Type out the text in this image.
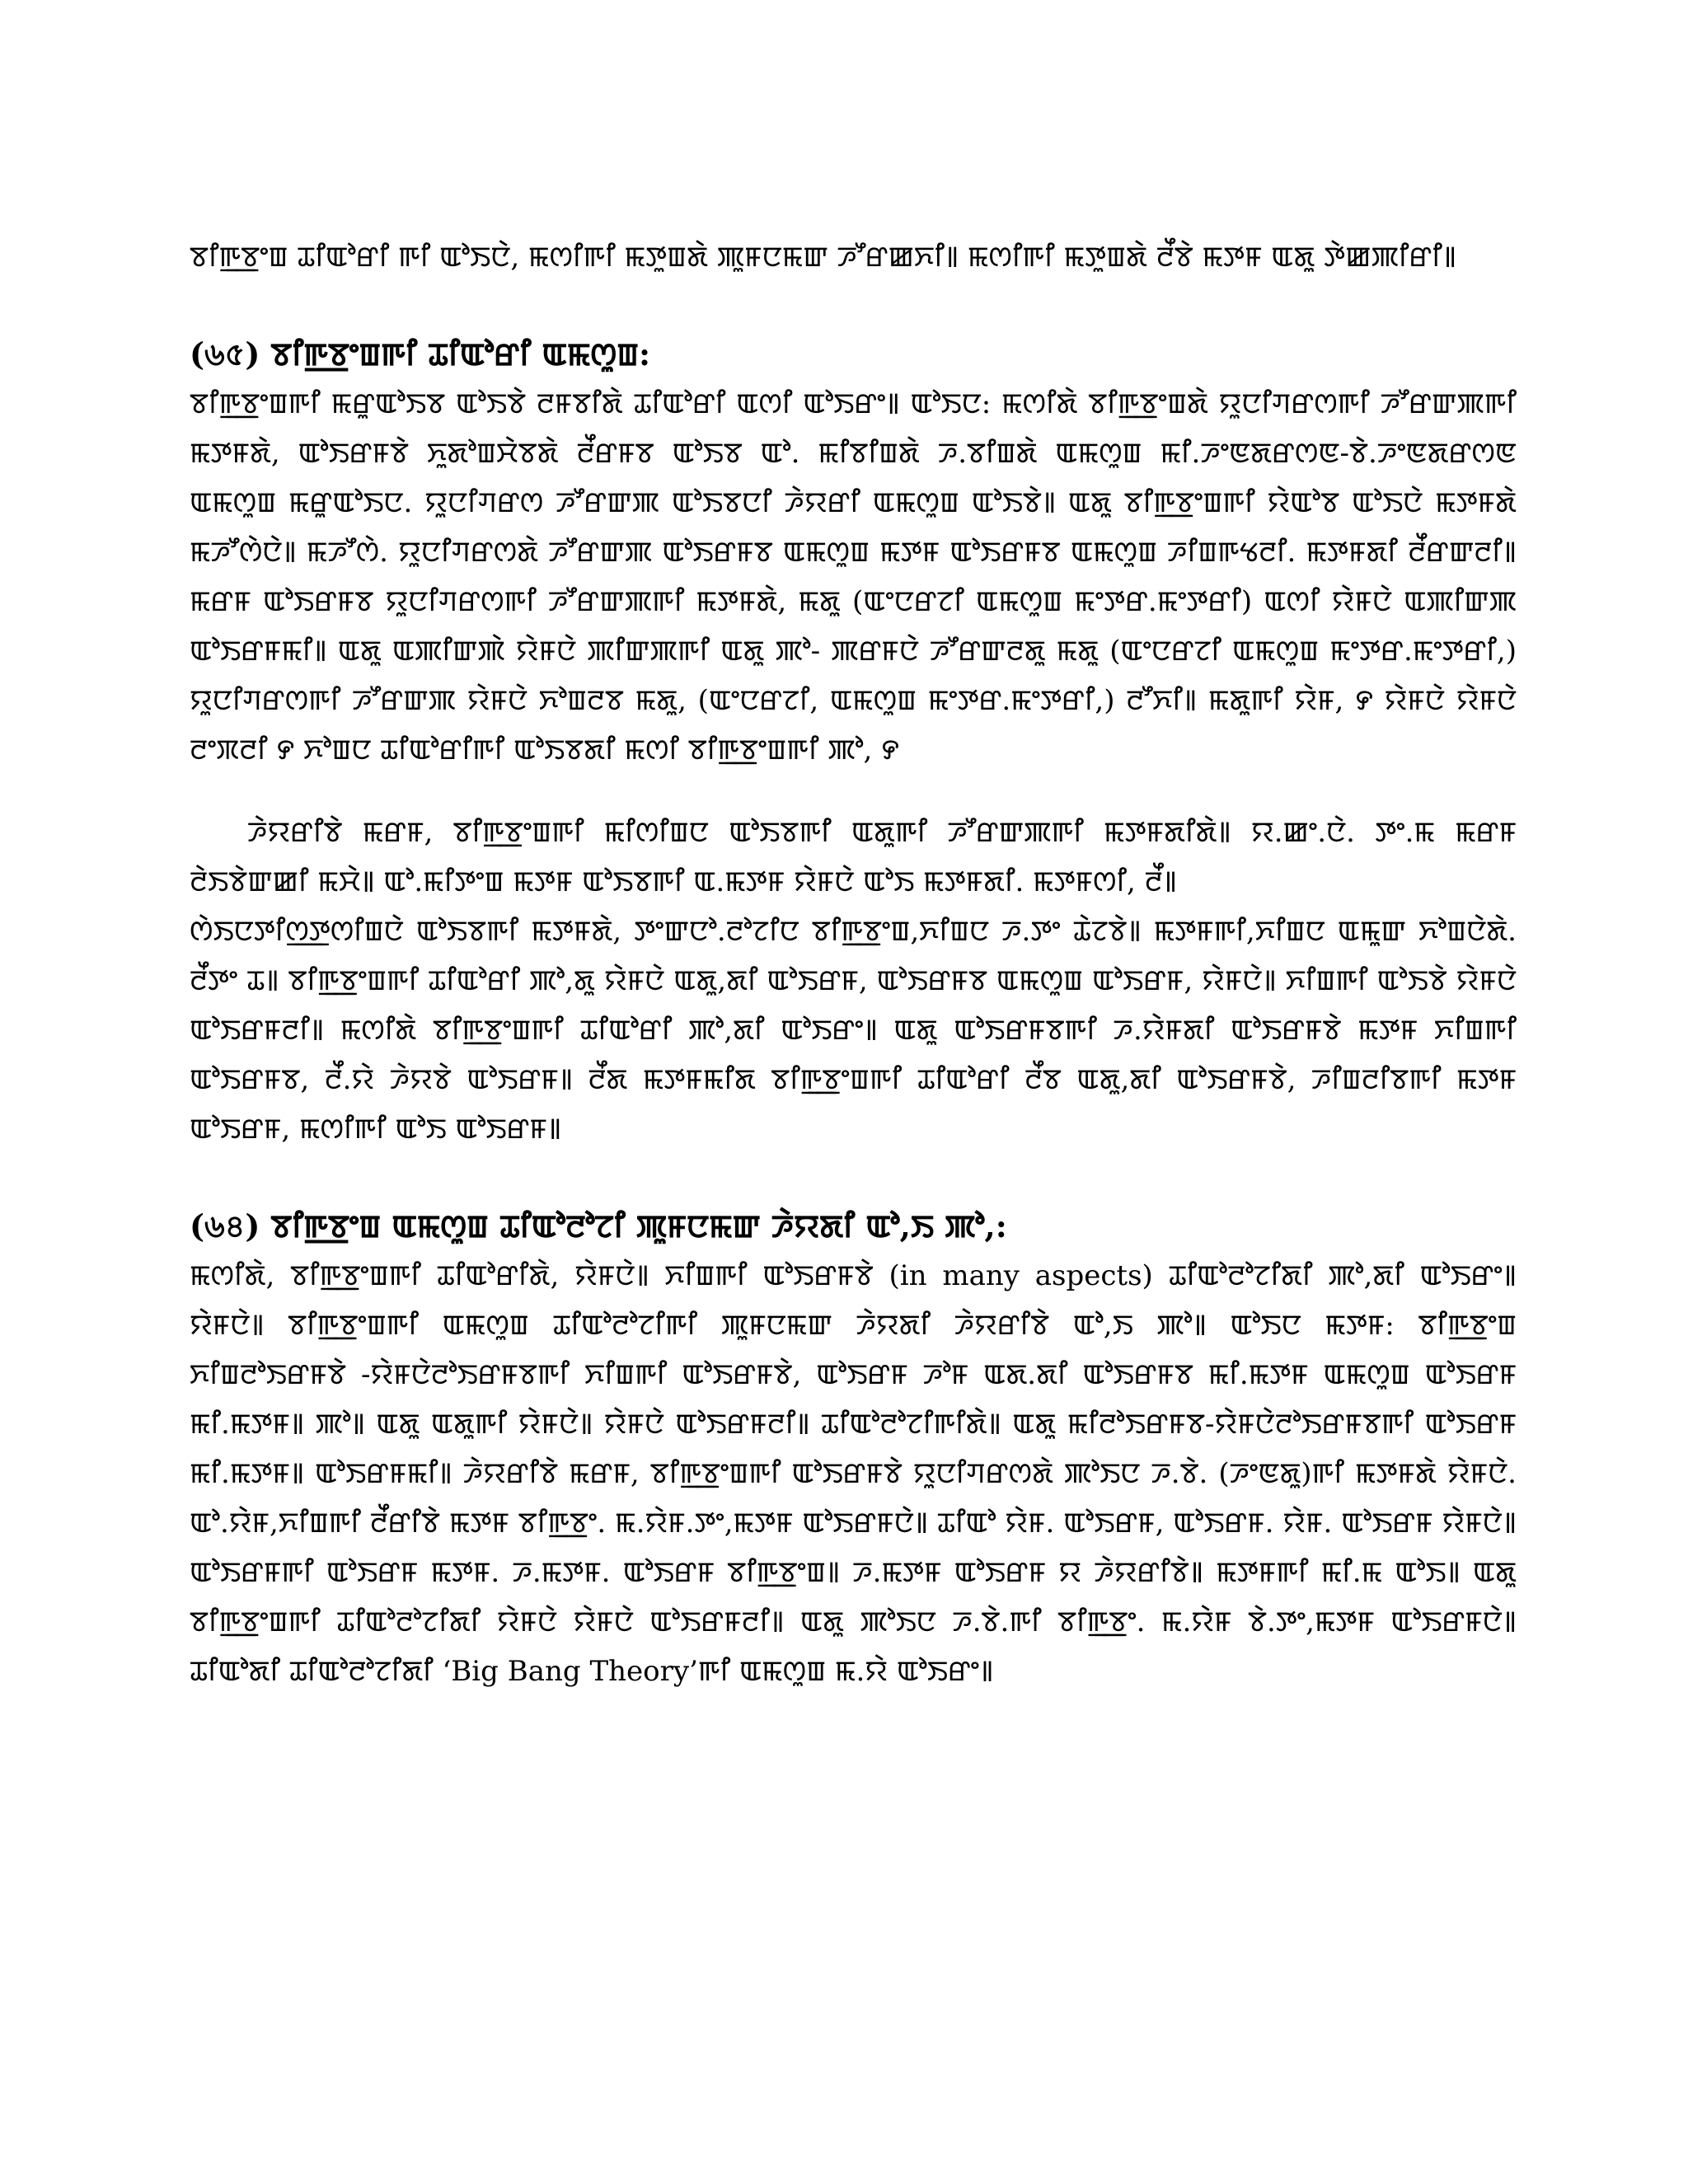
ꯕꯤꯒ꯭ꯕꯦꯡ ꯊꯤꯑꯣꯔꯤ ꯒꯤ ꯑꯣꯏꯅꯥ, ꯃꯁꯤꯒꯤ ꯃꯇꯨꯡꯗꯥ ꯄꯨꯝꯅꯃꯛ ꯍꯧꯔꯀꯈꯤ꯫ ꯃꯁꯤꯒꯤ ꯃꯇꯨꯡꯗꯥ ꯂꯩꯕꯥ ꯃꯇꯝ ꯑꯗꯨ ꯇꯥꯀꯄꯤꯔꯤ꯫

(৬৫) ꯕꯤꯒ꯭ꯕꯦꯡꯒꯤ ꯊꯤꯑꯣꯔꯤ ꯑꯃꯁꯨꯡ:

ꯕꯤꯒ꯭ꯕꯦꯡꯒꯤ ꯃꯔꯨꯑꯣꯏꯕ ꯑꯣꯏꯕꯥ ꯂꯝꯕꯤꯗꯥ ꯊꯤꯑꯣꯔꯤ ꯑꯁꯤ ꯑꯣꯏꯔꯦ꯫ ꯑꯣꯏꯅ: ꯃꯁꯤꯗꯥ ꯕꯤꯒ꯭ꯕꯦꯡꯗꯥ ꯌꯨꯅꯤꯚꯔꯁꯒꯤ ꯍꯧꯔꯛꯄꯒꯤ ꯃꯇꯝꯗꯥ, ꯑꯣꯏꯔꯝꯕꯥ ꯈꯨꯗꯣꯡꯆꯥꯕꯗꯥ ꯂꯩꯔꯝꯕ ꯑꯣꯏꯕ ꯑꯣ. ꯃꯤꯕꯤꯡꯗꯥ ꯍ.ꯕꯤꯡꯗꯥ ꯑꯃꯁꯨꯡ ꯃꯤ.ꯍꯦꯟꯗꯔꯁꯟ-ꯕꯥ.ꯍꯦꯟꯗꯔꯁꯟ ꯑꯃꯁꯨꯡ ꯃꯔꯨꯑꯣꯏꯅ. ꯌꯨꯅꯤꯚꯔꯁ ꯍꯧꯔꯛꯄ ꯑꯣꯏꯕꯅꯤ ꯍꯥꯌꯔꯤ ꯑꯃꯁꯨꯡ ꯑꯣꯏꯕꯥ꯫ ꯑꯗꯨ ꯕꯤꯒ꯭ꯕꯦꯡꯒꯤ ꯌꯥꯑꯣꯕ ꯑꯣꯏꯅꯥ ꯃꯇꯝꯗꯥ ꯃꯍꯧꯁꯥꯅꯥ꯫ ꯃꯍꯧꯁꯥ. ꯌꯨꯅꯤꯚꯔꯁꯗꯥ ꯍꯧꯔꯛꯄ ꯑꯣꯏꯔꯝꯕ ꯑꯃꯁꯨꯡ ꯃꯇꯝ ꯑꯣꯏꯔꯝꯕ ꯑꯃꯁꯨꯡ ꯍꯤꯡꯒꯠꯂꯤ. ꯃꯇꯝꯗꯤ ꯂꯩꯔꯛꯂꯤ꯫ ꯃꯔꯝ ꯑꯣꯏꯔꯝꯕ ꯌꯨꯅꯤꯚꯔꯁꯒꯤ ꯍꯧꯔꯛꯄꯒꯤ ꯃꯇꯝꯗꯥ, ꯃꯗꯨ (ꯑꯦꯅꯔꯖꯤ ꯑꯃꯁꯨꯡ ꯃꯦꯇꯔ.ꯃꯦꯇꯔꯤ) ꯑꯁꯤ ꯌꯥꯝꯅꯥ ꯑꯄꯤꯛꯄ ꯑꯣꯏꯔꯝꯃꯤ꯫ ꯑꯗꯨ ꯑꯄꯤꯛꯄꯥ ꯌꯥꯝꯅꯥ ꯄꯤꯛꯄꯒꯤ ꯑꯗꯨ ꯄꯣ- ꯄꯔꯝꯅꯥ ꯍꯧꯔꯛꯂꯗꯨ ꯃꯗꯨ (ꯑꯦꯅꯔꯖꯤ ꯑꯃꯁꯨꯡ ꯃꯦꯇꯔ.ꯃꯦꯇꯔꯤ,) ꯌꯨꯅꯤꯚꯔꯁꯒꯤ ꯍꯧꯔꯛꯄ ꯌꯥꯝꯅꯥ ꯈꯣꯡꯂꯕ ꯃꯗꯨ, (ꯑꯦꯅꯔꯖꯤ, ꯑꯃꯁꯨꯡ ꯃꯦꯇꯔ.ꯃꯦꯇꯔꯤ,) ꯂꯧꯈꯤ꯫ ꯃꯗꯨꯒꯤ ꯌꯥꯝ, ꯸ ꯌꯥꯝꯅꯥ ꯌꯥꯝꯅꯥ ꯂꯦꯞꯂꯤ ꯸ ꯈꯣꯡꯅ ꯊꯤꯑꯣꯔꯤꯒꯤ ꯑꯣꯏꯕꯗꯤ ꯃꯁꯤ ꯕꯤꯒ꯭ꯕꯦꯡꯒꯤ ꯄꯣ, ꯸

ꯍꯥꯌꯔꯤꯕꯥ ꯃꯔꯝ, ꯕꯤꯒ꯭ꯕꯦꯡꯒꯤ ꯃꯤꯁꯤꯡꯅ ꯑꯣꯏꯕꯒꯤ ꯑꯗꯨꯒꯤ ꯍꯧꯔꯛꯄꯒꯤ ꯃꯇꯝꯗꯤꯗꯥ꯫ ꯌ.ꯀꯦ.ꯅꯥ. ꯇꯦ.ꯃ ꯃꯔꯝ ꯂꯥꯏꯕꯥꯛꯀꯤ ꯃꯆꯥ꯫ ꯑꯣ.ꯃꯤꯇꯦꯡ ꯃꯇꯝ ꯑꯣꯏꯕꯒꯤ ꯑ.ꯃꯇꯝ ꯌꯥꯝꯅꯥ ꯑꯣꯏ ꯃꯇꯝꯗꯤ. ꯃꯇꯝꯁꯤ, ꯂꯩ꯫

ꯁꯥꯏꯅꯇꯤꯁ꯭ꯇꯁꯤꯡꯅꯥ ꯑꯣꯏꯕꯒꯤ ꯃꯇꯝꯗꯥ, ꯇꯦꯛꯅꯣ.ꯂꯣꯖꯤꯅ ꯕꯤꯒ꯭ꯕꯦꯡ,ꯈꯤꯡꯅ ꯍ.ꯇꯦ ꯊꯥꯖꯕꯥ꯫ ꯃꯇꯝꯒꯤ,ꯈꯤꯡꯅ ꯑꯃꯨꯛ ꯈꯣꯡꯅꯥꯗꯥ. ꯂꯩꯇꯦ ꯊ꯫ ꯕꯤꯒ꯭ꯕꯦꯡꯒꯤ ꯊꯤꯑꯣꯔꯤ ꯄꯣ,ꯗꯨ ꯌꯥꯝꯅꯥ ꯑꯗꯨ,ꯗꯤ ꯑꯣꯏꯔꯝ, ꯑꯣꯏꯔꯝꯕ ꯑꯃꯁꯨꯡ ꯑꯣꯏꯔꯝ, ꯌꯥꯝꯅꯥ꯫ ꯈꯤꯡꯒꯤ ꯑꯣꯏꯕꯥ ꯌꯥꯝꯅꯥ ꯑꯣꯏꯔꯝꯂꯤ꯫ ꯃꯁꯤꯗꯥ ꯕꯤꯒ꯭ꯕꯦꯡꯒꯤ ꯊꯤꯑꯣꯔꯤ ꯄꯣ,ꯗꯤ ꯑꯣꯏꯔꯦ꯫ ꯑꯗꯨ ꯑꯣꯏꯔꯝꯕꯒꯤ ꯍ.ꯌꯥꯝꯗꯤ ꯑꯣꯏꯔꯝꯕꯥ ꯃꯇꯝ ꯈꯤꯡꯒꯤ ꯑꯣꯏꯔꯝꯕ, ꯂꯩ.ꯌꯥ ꯍꯥꯌꯕꯥ ꯑꯣꯏꯔꯝ꯫ ꯂꯩꯗ ꯃꯇꯝꯃꯤꯗ ꯕꯤꯒ꯭ꯕꯦꯡꯒꯤ ꯊꯤꯑꯣꯔꯤ ꯂꯩꯕ ꯑꯗꯨ,ꯗꯤ ꯑꯣꯏꯔꯝꯕꯥ, ꯍꯤꯡꯂꯤꯕꯒꯤ ꯃꯇꯝ ꯑꯣꯏꯔꯝ, ꯃꯁꯤꯒꯤ ꯑꯣꯏ ꯑꯣꯏꯔꯝ꯫

(৬৪) ꯕꯤꯒ꯭ꯕꯦꯡ ꯑꯃꯁꯨꯡ ꯊꯤꯑꯣꯂꯣꯖꯤ ꯄꯨꯝꯅꯃꯛ ꯍꯥꯌꯗꯤ ꯑꯣ,ꯏ ꯄꯣ,:

ꯃꯁꯤꯗꯥ, ꯕꯤꯒ꯭ꯕꯦꯡꯒꯤ ꯊꯤꯑꯣꯔꯤꯗꯥ, ꯌꯥꯝꯅꯥ꯫ ꯈꯤꯡꯒꯤ ꯑꯣꯏꯔꯝꯕꯥ (in many aspects) ꯊꯤꯑꯣꯂꯣꯖꯤꯗꯤ ꯄꯣ,ꯗꯤ ꯑꯣꯏꯔꯦ꯫ ꯌꯥꯝꯅꯥ꯫ ꯕꯤꯒ꯭ꯕꯦꯡꯒꯤ ꯑꯃꯁꯨꯡ ꯊꯤꯑꯣꯂꯣꯖꯤꯒꯤ ꯄꯨꯝꯅꯃꯛ ꯍꯥꯌꯗꯤ ꯍꯥꯌꯔꯤꯕꯥ ꯑꯣ,ꯏ ꯄꯣ꯫ ꯑꯣꯏꯅ ꯃꯇꯝ: ꯕꯤꯒ꯭ꯕꯦꯡ ꯈꯤꯡꯂꯣꯏꯔꯝꯕꯥ -ꯌꯥꯝꯅꯥꯂꯣꯏꯔꯝꯕꯒꯤ ꯈꯤꯡꯒꯤ ꯑꯣꯏꯔꯝꯕꯥ, ꯑꯣꯏꯔꯝ ꯍꯣꯝ ꯑꯗ.ꯗꯤ ꯑꯣꯏꯔꯝꯕ ꯃꯤ.ꯃꯇꯝ ꯑꯃꯁꯨꯡ ꯑꯣꯏꯔꯝ ꯃꯤ.ꯃꯇꯝ꯫ ꯄꯣ꯫ ꯑꯗꯨ ꯑꯗꯨꯒꯤ ꯌꯥꯝꯅꯥ꯫ ꯌꯥꯝꯅꯥ ꯑꯣꯏꯔꯝꯂꯤ꯫ ꯊꯤꯑꯣꯂꯣꯖꯤꯒꯤꯗꯥ꯫ ꯑꯗꯨ ꯃꯤꯂꯣꯏꯔꯝꯕ-ꯌꯥꯝꯅꯥꯂꯣꯏꯔꯝꯕꯒꯤ ꯑꯣꯏꯔꯝ ꯃꯤ.ꯃꯇꯝ꯫ ꯑꯣꯏꯔꯝꯃꯤ꯫ ꯍꯥꯌꯔꯤꯕꯥ ꯃꯔꯝ, ꯕꯤꯒ꯭ꯕꯦꯡꯒꯤ ꯑꯣꯏꯔꯝꯕꯥ ꯌꯨꯅꯤꯚꯔꯁꯗꯥ ꯄꯣꯏꯅ ꯍ.ꯕꯥ. (ꯍꯦꯟꯗꯨ)ꯒꯤ ꯃꯇꯝꯗꯥ ꯌꯥꯝꯅꯥ. ꯑꯣ.ꯌꯥꯝ,ꯈꯤꯡꯒꯤ ꯂꯩꯔꯤꯕꯥ ꯃꯇꯝ ꯕꯤꯒ꯭ꯕꯦ. ꯃ.ꯌꯥꯝ.ꯇꯦ,ꯃꯇꯝ ꯑꯣꯏꯔꯝꯅꯥ꯫ ꯊꯤꯑꯣ ꯌꯥꯝ. ꯑꯣꯏꯔꯝ, ꯑꯣꯏꯔꯝ. ꯌꯥꯝ. ꯑꯣꯏꯔꯝ ꯌꯥꯝꯅꯥ꯫ ꯑꯣꯏꯔꯝꯒꯤ ꯑꯣꯏꯔꯝ ꯃꯇꯝ. ꯍ.ꯃꯇꯝ. ꯑꯣꯏꯔꯝ ꯕꯤꯒ꯭ꯕꯦꯡ꯫ ꯍ.ꯃꯇꯝ ꯑꯣꯏꯔꯝ ꯌ ꯍꯥꯌꯔꯤꯕꯥ꯫ ꯃꯇꯝꯒꯤ ꯃꯤ.ꯃ ꯑꯣꯏ꯫ ꯑꯗꯨ ꯕꯤꯒ꯭ꯕꯦꯡꯒꯤ ꯊꯤꯑꯣꯂꯣꯖꯤꯗꯤ ꯌꯥꯝꯅꯥ ꯌꯥꯝꯅꯥ ꯑꯣꯏꯔꯝꯂꯤ꯫ ꯑꯗꯨ ꯄꯣꯏꯅ ꯍ.ꯕꯥ.ꯒꯤ ꯕꯤꯒ꯭ꯕꯦ. ꯃ.ꯌꯥꯝ ꯕꯥ.ꯇꯦ,ꯃꯇꯝ ꯑꯣꯏꯔꯝꯅꯥ꯫ ꯊꯤꯑꯣꯗꯤ ꯊꯤꯑꯣꯂꯣꯖꯤꯗꯤ ‘Big Bang Theory’ꯒꯤ ꯑꯃꯁꯨꯡ ꯃ.ꯌꯥ ꯑꯣꯏꯔꯦ꯫
